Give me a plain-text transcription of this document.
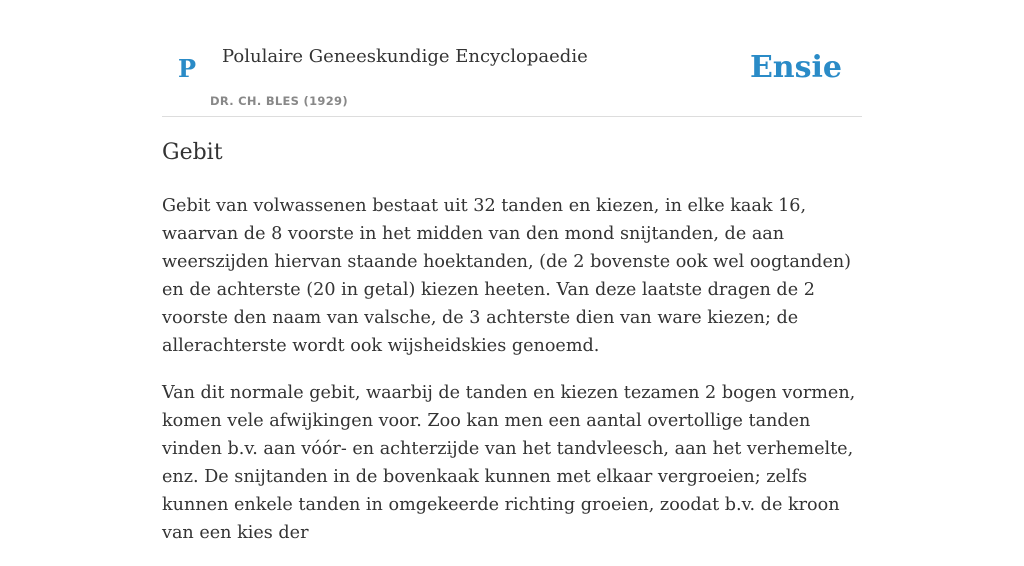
P Polulaire Geneeskundige Encyclopaedie
DR. CH. BLES (1929)
Ensie
Gebit

Gebit van volwassenen bestaat uit 32 tanden en kiezen, in elke kaak 16, waarvan de 8 voorste in het midden van den mond snijtanden, de aan weerszijden hiervan staande hoektanden, (de 2 bovenste ook wel oogtanden) en de achterste (20 in getal) kiezen heeten. Van deze laatste dragen de 2 voorste den naam van valsche, de 3 achterste dien van ware kiezen; de allerachterste wordt ook wijsheidskies genoemd.

Van dit normale gebit, waarbij de tanden en kiezen tezamen 2 bogen vormen, komen vele afwijkingen voor. Zoo kan men een aantal overtollige tanden vinden b.v. aan vóór- en achterzijde van het tandvleesch, aan het verhemelte, enz. De snijtanden in de bovenkaak kunnen met elkaar vergroeien; zelfs kunnen enkele tanden in omgekeerde richting groeien, zoodat b.v. de kroon van een kies der
